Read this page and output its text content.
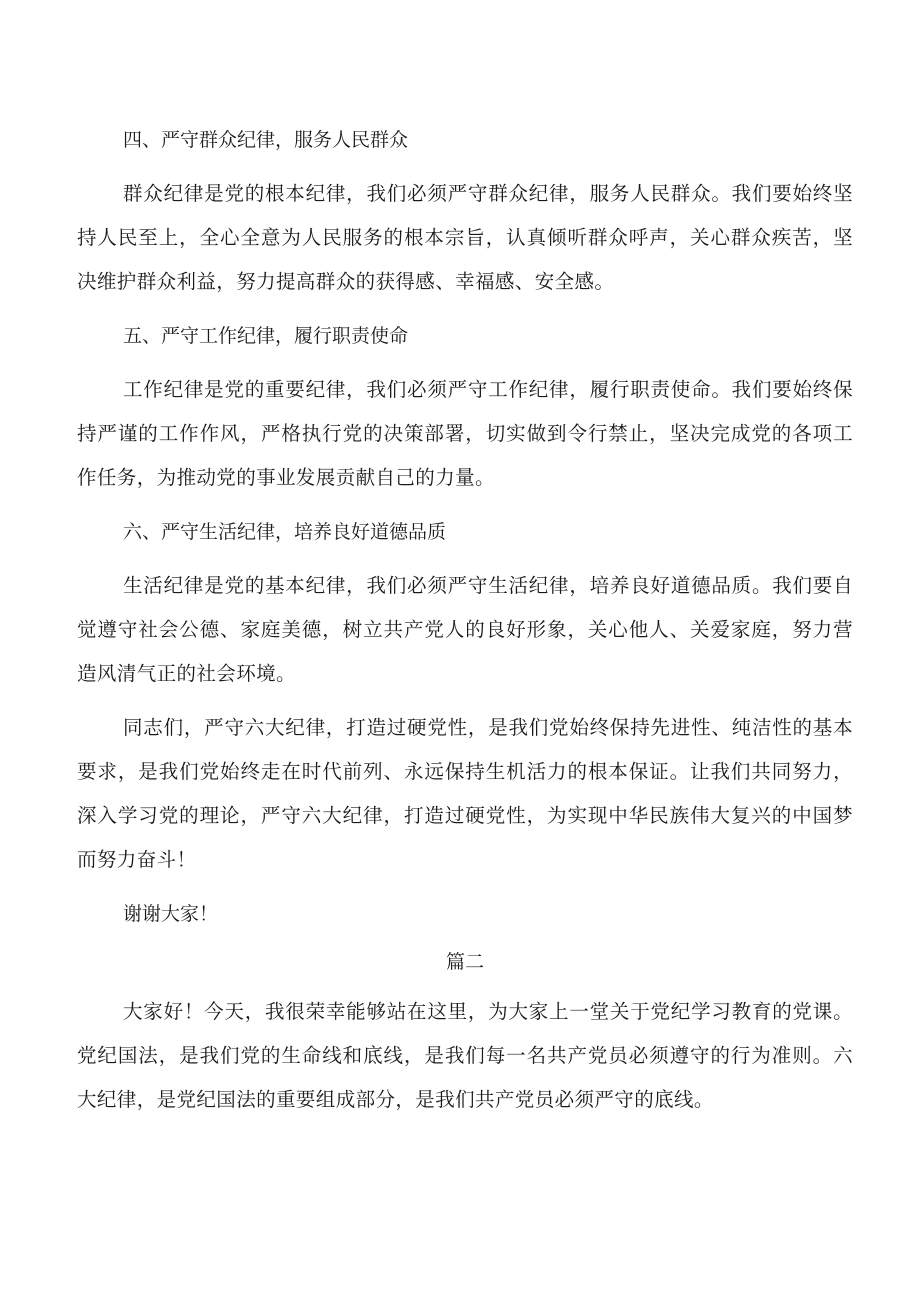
四、严守群众纪律，服务人民群众

群众纪律是党的根本纪律，我们必须严守群众纪律，服务人民群众。我们要始终坚持人民至上，全心全意为人民服务的根本宗旨，认真倾听群众呼声，关心群众疾苦，坚决维护群众利益，努力提高群众的获得感、幸福感、安全感。

五、严守工作纪律，履行职责使命

工作纪律是党的重要纪律，我们必须严守工作纪律，履行职责使命。我们要始终保持严谨的工作作风，严格执行党的决策部署，切实做到令行禁止，坚决完成党的各项工作任务，为推动党的事业发展贡献自己的力量。

六、严守生活纪律，培养良好道德品质

生活纪律是党的基本纪律，我们必须严守生活纪律，培养良好道德品质。我们要自觉遵守社会公德、家庭美德，树立共产党人的良好形象，关心他人、关爱家庭，努力营造风清气正的社会环境。

同志们，严守六大纪律，打造过硬党性，是我们党始终保持先进性、纯洁性的基本要求，是我们党始终走在时代前列、永远保持生机活力的根本保证。让我们共同努力，深入学习党的理论，严守六大纪律，打造过硬党性，为实现中华民族伟大复兴的中国梦而努力奋斗！

谢谢大家！

篇二

大家好！今天，我很荣幸能够站在这里，为大家上一堂关于党纪学习教育的党课。党纪国法，是我们党的生命线和底线，是我们每一名共产党员必须遵守的行为准则。六大纪律，是党纪国法的重要组成部分，是我们共产党员必须严守的底线。
